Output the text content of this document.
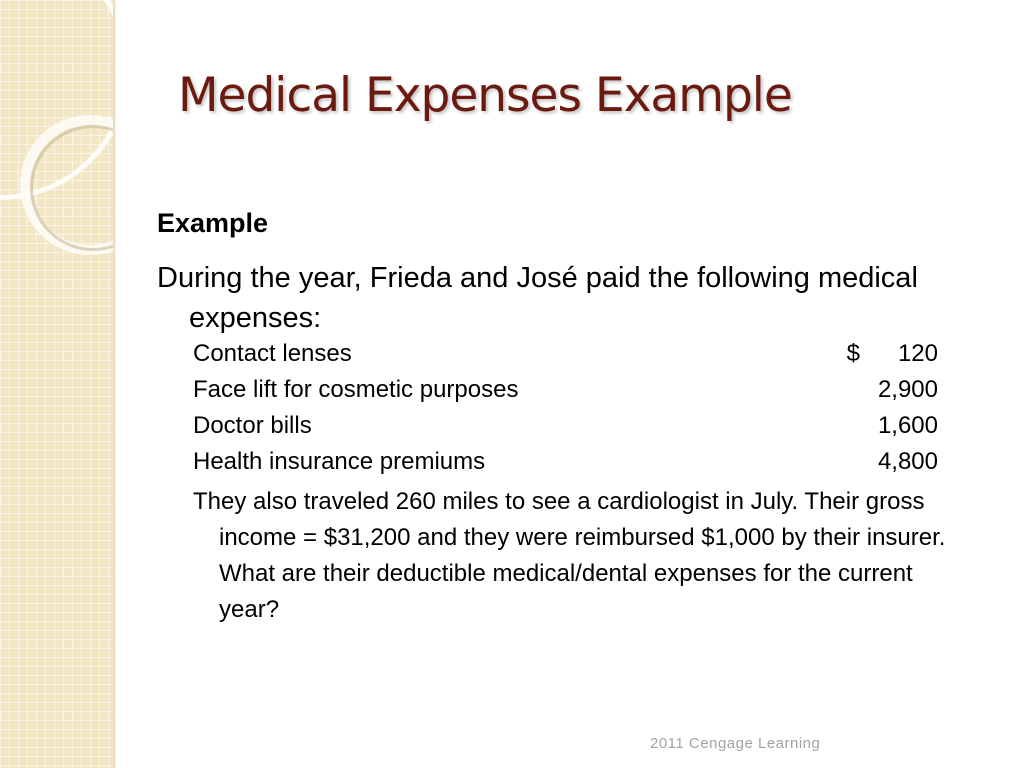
Medical Expenses Example
Example
During the year, Frieda and José paid the following medical expenses:
Contact lenses	$ 120
Face lift for cosmetic purposes	2,900
Doctor bills	1,600
Health insurance premiums	4,800
They also traveled 260 miles to see a cardiologist in July. Their gross income = $31,200 and they were reimbursed $1,000 by their insurer. What are their deductible medical/dental expenses for the current year?
2011 Cengage Learning
